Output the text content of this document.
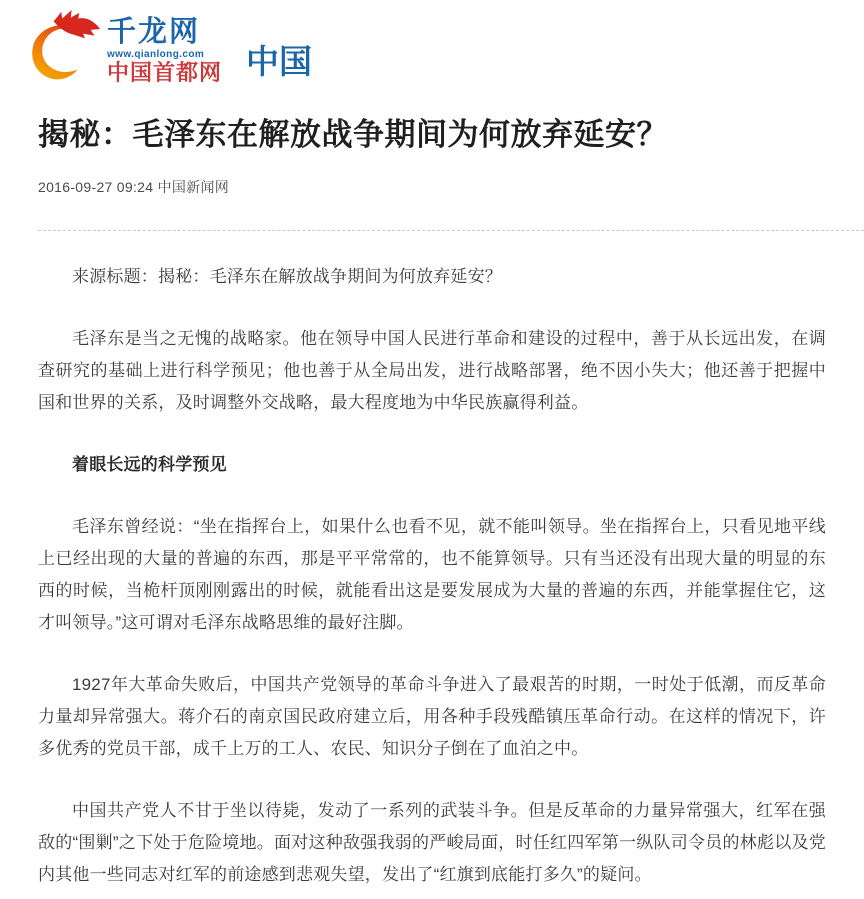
千龙网
www.qianlong.com
中国首都网 中国
揭秘：毛泽东在解放战争期间为何放弃延安？
2016-09-27 09:24 中国新闻网

来源标题：揭秘：毛泽东在解放战争期间为何放弃延安？

毛泽东是当之无愧的战略家。他在领导中国人民进行革命和建设的过程中，善于从长远出发，在调查研究的基础上进行科学预见；他也善于从全局出发，进行战略部署，绝不因小失大；他还善于把握中国和世界的关系，及时调整外交战略，最大程度地为中华民族赢得利益。

着眼长远的科学预见

毛泽东曾经说：“坐在指挥台上，如果什么也看不见，就不能叫领导。坐在指挥台上，只看见地平线上已经出现的大量的普遍的东西，那是平平常常的，也不能算领导。只有当还没有出现大量的明显的东西的时候，当桅杆顶刚刚露出的时候，就能看出这是要发展成为大量的普遍的东西，并能掌握住它，这才叫领导。”这可谓对毛泽东战略思维的最好注脚。

1927年大革命失败后，中国共产党领导的革命斗争进入了最艰苦的时期，一时处于低潮，而反革命力量却异常强大。蒋介石的南京国民政府建立后，用各种手段残酷镇压革命行动。在这样的情况下，许多优秀的党员干部，成千上万的工人、农民、知识分子倒在了血泊之中。

中国共产党人不甘于坐以待毙，发动了一系列的武装斗争。但是反革命的力量异常强大，红军在强敌的“围剿”之下处于危险境地。面对这种敌强我弱的严峻局面，时任红四军第一纵队司令员的林彪以及党内其他一些同志对红军的前途感到悲观失望，发出了“红旗到底能打多久”的疑问。
